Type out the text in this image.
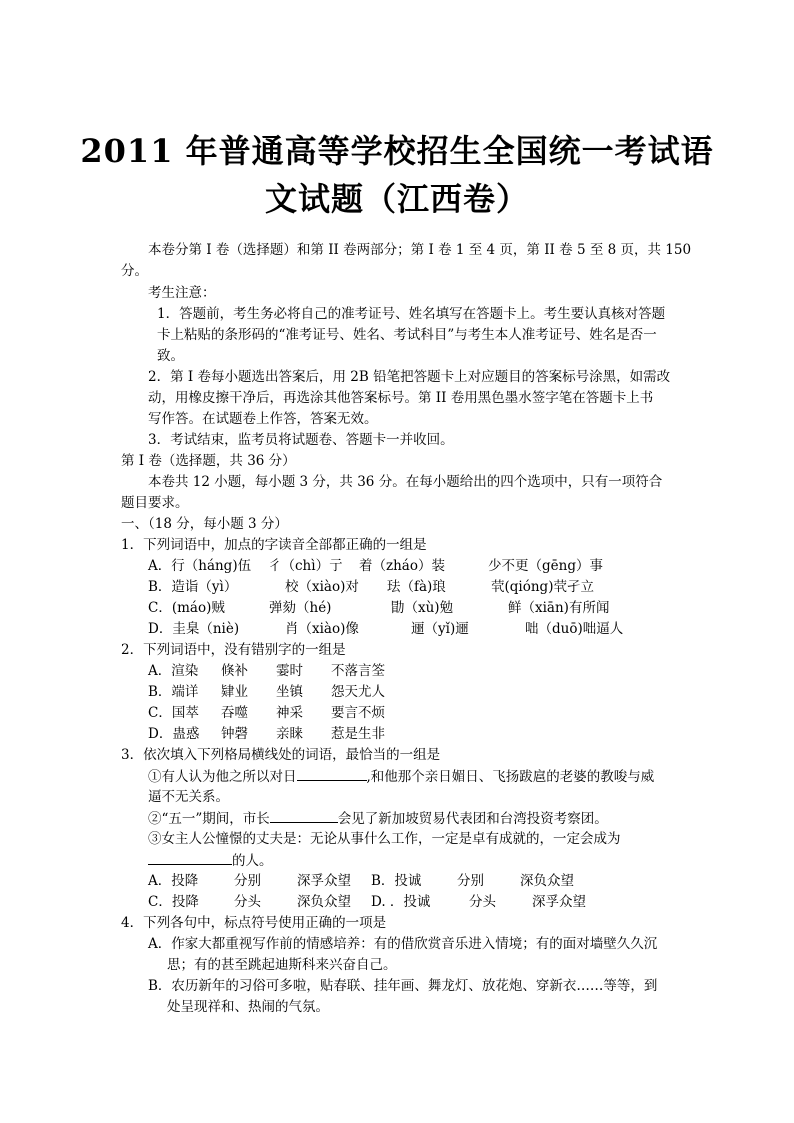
2011 年普通高等学校招生全国统一考试语
文试题（江西卷）
本卷分第 I 卷（选择题）和第 II 卷两部分；第 I 卷 1 至 4 页，第 II 卷 5 至 8 页，共 150
分。
考生注意：
1．答题前，考生务必将自己的准考证号、姓名填写在答题卡上。考生要认真核对答题
卡上粘贴的条形码的“准考证号、姓名、考试科目”与考生本人准考证号、姓名是否一
致。
2．第 I 卷每小题选出答案后，用 2B 铅笔把答题卡上对应题目的答案标号涂黑，如需改
动，用橡皮擦干净后，再选涂其他答案标号。第 II 卷用黑色墨水签字笔在答题卡上书
写作答。在试题卷上作答，答案无效。
3．考试结束，监考员将试题卷、答题卡一并收回。
第 I 卷（选择题，共 36 分）
本卷共 12 小题，每小题 3 分，共 36 分。在每小题给出的四个选项中，只有一项符合
题目要求。
一、（18 分，每小题 3 分）
1．下列词语中，加点的字读音全部都正确的一组是
A．行（háng)伍 彳（chì）亍 着（zháo）装	少不更（gēng）事
B．造诣（yì）	校（xiào)对 珐（fà)琅	茕(qióng)茕孑立
C．(máo)贼	弹劾（hé)	勖（xù)勉	鲜（xiān)有所闻
D．圭臬（niè)	肖（xiào)像	逦（yǐ)逦	咄（duō)咄逼人
2．下列词语中，没有错别字的一组是
A．渲染 倏补 霎时 不落言筌
B．端详 肄业 坐镇 怨天尤人
C．国萃 吞噬 神采 要言不烦
D．蛊惑 钟磬 亲睐 惹是生非
3．依次填入下列格局横线处的词语，最恰当的一组是
①有人认为他之所以对日	,和他那个亲日媚日、飞扬跋扈的老婆的教唆与威
逼不无关系。
②“五一”期间，市长	会见了新加坡贸易代表团和台湾投资考察团。
③女主人公憧憬的丈夫是：无论从事什么工作，一定是卓有成就的，一定会成为
的人。
A．投降	分别	深孚众望 B．投诚	分别	深负众望
C．投降	分头	深负众望 D. ．投诚	分头	深孚众望
4．下列各句中，标点符号使用正确的一项是
A．作家大都重视写作前的情感培养：有的借欣赏音乐进入情境；有的面对墙壁久久沉
思；有的甚至跳起迪斯科来兴奋自己。
B．农历新年的习俗可多啦，贴春联、挂年画、舞龙灯、放花炮、穿新衣……等等，到
处呈现祥和、热闹的气氛。
